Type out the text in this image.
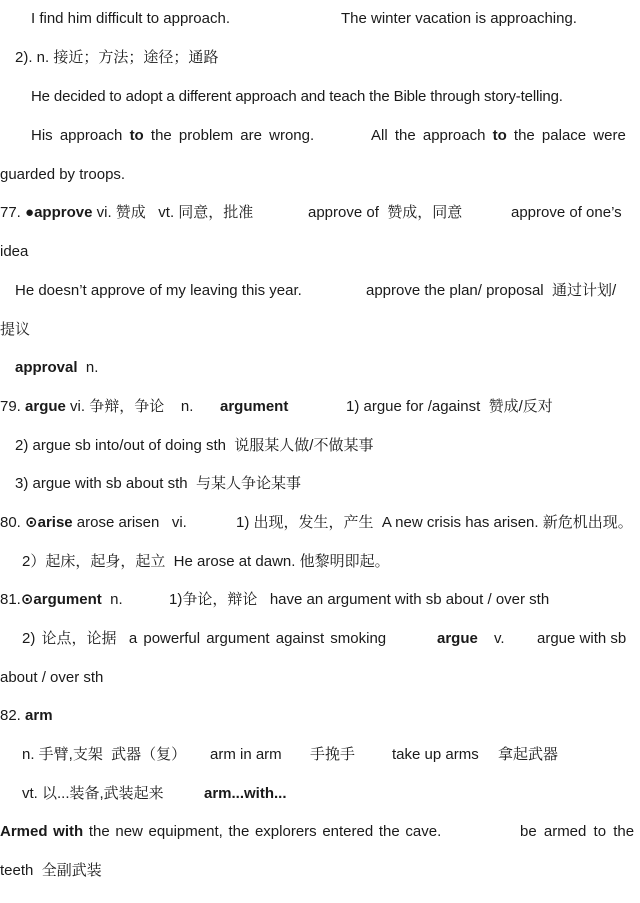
I find him difficult to approach.

	The winter vacation is approaching.

2). n. 接近；方法；途径；通路

He decided to adopt a different approach and teach the Bible through story-telling.

His approach to the problem are wrong.

	All the approach to the palace were

guarded by troops.

77. ●approve vi. 赞成   vt. 同意，批准

	approve of  赞成，同意

	approve of one’s

idea

He doesn’t approve of my leaving this year.

	approve the plan/ proposal  通过计划/

提议

approval  n.

79. argue vi. 争辩，争论    n.

argument

	1) argue for /against  赞成/反对

2) argue sb into/out of doing sth  说服某人做/不做某事

3) argue with sb about sth  与某人争论某事

80. ⊙arise arose arisen   vi.

	1) 出现，发生，产生  A new crisis has arisen. 新危机出现。

2）起床，起身，起立  He arose at dawn. 他黎明即起。

81.⊙argument  n.

	1)争论，辩论   have an argument with sb about / over sth

2) 论点，论据  a powerful argument against smoking

	argue

v.

argue with sb

about / over sth

82. arm

n. 手臂,支架  武器（复）

arm in arm

手挽手

take up arms

拿起武器

vt. 以...装备,武装起来

	arm...with...

Armed with the new equipment, the explorers entered the cave.

	be armed to the

teeth  全副武装
